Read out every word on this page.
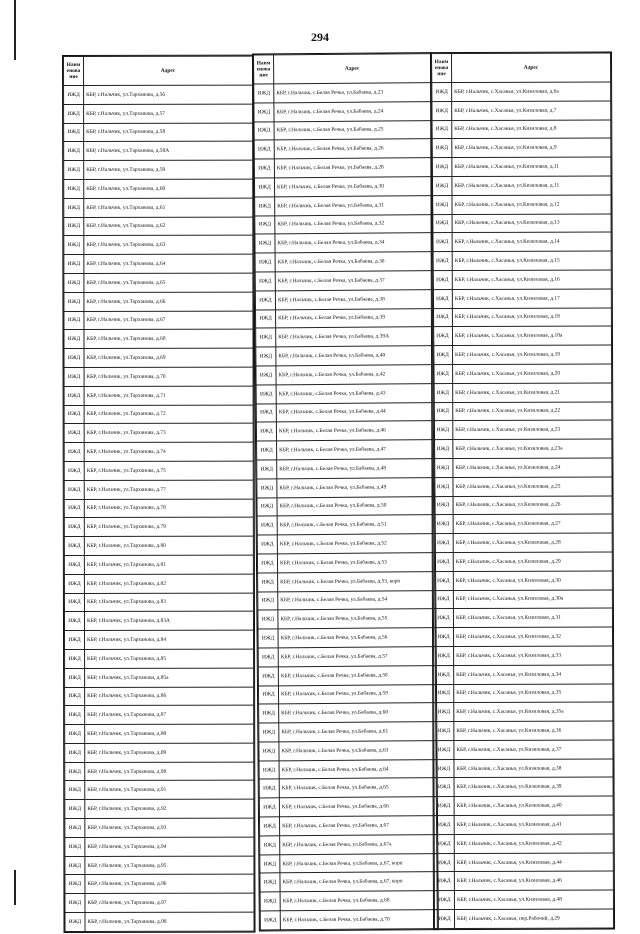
294
Наим енова ние	Адрес
ИЖД	КБР, г.Нальчик, ул.Тарханова, д.56
ИЖД	КБР, г.Нальчик, ул.Тарханова, д.57
ИЖД	КБР, г.Нальчик, ул.Тарханова, д.58
ИЖД	КБР, г.Нальчик, ул.Тарханова, д.58А
ИЖД	КБР, г.Нальчик, ул.Тарханова, д.59
ИЖД	КБР, г.Нальчик, ул.Тарханова, д.60
ИЖД	КБР, г.Нальчик, ул.Тарханова, д.61
ИЖД	КБР, г.Нальчик, ул.Тарханова, д.62
ИЖД	КБР, г.Нальчик, ул.Тарханова, д.63
ИЖД	КБР, г.Нальчик, ул.Тарханова, д.64
ИЖД	КБР, г.Нальчик, ул.Тарханова, д.65
ИЖД	КБР, г.Нальчик, ул.Тарханова, д.66
ИЖД	КБР, г.Нальчик, ул.Тарханова, д.67
ИЖД	КБР, г.Нальчик, ул.Тарханова, д.68
ИЖД	КБР, г.Нальчик, ул.Тарханова, д.69
ИЖД	КБР, г.Нальчик, ул.Тарханова, д.70
ИЖД	КБР, г.Нальчик, ул.Тарханова, д.71
ИЖД	КБР, г.Нальчик, ул.Тарханова, д.72
ИЖД	КБР, г.Нальчик, ул.Тарханова, д.73
ИЖД	КБР, г.Нальчик, ул.Тарханова, д.74
ИЖД	КБР, г.Нальчик, ул.Тарханова, д.75
ИЖД	КБР, г.Нальчик, ул.Тарханова, д.77
ИЖД	КБР, г.Нальчик, ул.Тарханова, д.78
ИЖД	КБР, г.Нальчик, ул.Тарханова, д.79
ИЖД	КБР, г.Нальчик, ул.Тарханова, д.80
ИЖД	КБР, г.Нальчик, ул.Тарханова, д.81
ИЖД	КБР, г.Нальчик, ул.Тарханова, д.82
ИЖД	КБР, г.Нальчик, ул.Тарханова, д.83
ИЖД	КБР, г.Нальчик, ул.Тарханова, д.83А
ИЖД	КБР, г.Нальчик, ул.Тарханова, д.84
ИЖД	КБР, г.Нальчик, ул.Тарханова, д.85
ИЖД	КБР, г.Нальчик, ул.Тарханова, д.85а
ИЖД	КБР, г.Нальчик, ул.Тарханова, д.86
ИЖД	КБР, г.Нальчик, ул.Тарханова, д.87
ИЖД	КБР, г.Нальчик, ул.Тарханова, д.88
ИЖД	КБР, г.Нальчик, ул.Тарханова, д.89
ИЖД	КБР, г.Нальчик, ул.Тарханова, д.90
ИЖД	КБР, г.Нальчик, ул.Тарханова, д.91
ИЖД	КБР, г.Нальчик, ул.Тарханова, д.92
ИЖД	КБР, г.Нальчик, ул.Тарханова, д.93
ИЖД	КБР, г.Нальчик, ул.Тарханова, д.94
ИЖД	КБР, г.Нальчик, ул.Тарханова, д.95
ИЖД	КБР, г.Нальчик, ул.Тарханова, д.96
ИЖД	КБР, г.Нальчик, ул.Тарханова, д.97
ИЖД	КБР, г.Нальчик, ул.Тарханова, д.98
Наим енова ние	Адрес
ИЖД	КБР, г.Нальчик, с.Белая Речка, ул.Бабаева, д.23
ИЖД	КБР, г.Нальчик, с.Белая Речка, ул.Бабаева, д.24
ИЖД	КБР, г.Нальчик, с.Белая Речка, ул.Бабаева, д.25
ИЖД	КБР, г.Нальчик, с.Белая Речка, ул.Бабаева, д.26
ИЖД	КБР, г.Нальчик, с.Белая Речка, ул.Бабаева, д.28
ИЖД	КБР, г.Нальчик, с.Белая Речка, ул.Бабаева, д.30
ИЖД	КБР, г.Нальчик, с.Белая Речка, ул.Бабаева, д.31
ИЖД	КБР, г.Нальчик, с.Белая Речка, ул.Бабаева, д.32
ИЖД	КБР, г.Нальчик, с.Белая Речка, ул.Бабаева, д.34
ИЖД	КБР, г.Нальчик, с.Белая Речка, ул.Бабаева, д.36
ИЖД	КБР, г.Нальчик, с.Белая Речка, ул.Бабаева, д.37
ИЖД	КБР, г.Нальчик, с.Белая Речка, ул.Бабаева, д.38
ИЖД	КБР, г.Нальчик, с.Белая Речка, ул.Бабаева, д.39
ИЖД	КБР, г.Нальчик, с.Белая Речка, ул.Бабаева, д.39А
ИЖД	КБР, г.Нальчик, с.Белая Речка, ул.Бабаева, д.40
ИЖД	КБР, г.Нальчик, с.Белая Речка, ул.Бабаева, д.42
ИЖД	КБР, г.Нальчик, с.Белая Речка, ул.Бабаева, д.43
ИЖД	КБР, г.Нальчик, с.Белая Речка, ул.Бабаева, д.44
ИЖД	КБР, г.Нальчик, с.Белая Речка, ул.Бабаева, д.46
ИЖД	КБР, г.Нальчик, с.Белая Речка, ул.Бабаева, д.47
ИЖД	КБР, г.Нальчик, с.Белая Речка, ул.Бабаева, д.48
ИЖД	КБР, г.Нальчик, с.Белая Речка, ул.Бабаева, д.49
ИЖД	КБР, г.Нальчик, с.Белая Речка, ул.Бабаева, д.50
ИЖД	КБР, г.Нальчик, с.Белая Речка, ул.Бабаева, д.51
ИЖД	КБР, г.Нальчик, с.Белая Речка, ул.Бабаева, д.52
ИЖД	КБР, г.Нальчик, с.Белая Речка, ул.Бабаева, д.53
ИЖД	КБР, г.Нальчик, с.Белая Речка, ул.Бабаева, д.53, корп
ИЖД	КБР, г.Нальчик, с.Белая Речка, ул.Бабаева, д.54
ИЖД	КБР, г.Нальчик, с.Белая Речка, ул.Бабаева, д.55
ИЖД	КБР, г.Нальчик, с.Белая Речка, ул.Бабаева, д.56
ИЖД	КБР, г.Нальчик, с.Белая Речка, ул.Бабаева, д.57
ИЖД	КБР, г.Нальчик, с.Белая Речка, ул.Бабаева, д.58
ИЖД	КБР, г.Нальчик, с.Белая Речка, ул.Бабаева, д.59
ИЖД	КБР, г.Нальчик, с.Белая Речка, ул.Бабаева, д.60
ИЖД	КБР, г.Нальчик, с.Белая Речка, ул.Бабаева, д.61
ИЖД	КБР, г.Нальчик, с.Белая Речка, ул.Бабаева, д.63
ИЖД	КБР, г.Нальчик, с.Белая Речка, ул.Бабаева, д.64
ИЖД	КБР, г.Нальчик, с.Белая Речка, ул.Бабаева, д.65
ИЖД	КБР, г.Нальчик, с.Белая Речка, ул.Бабаева, д.66
ИЖД	КБР, г.Нальчик, с.Белая Речка, ул.Бабаева, д.67
ИЖД	КБР, г.Нальчик, с.Белая Речка, ул.Бабаева, д.67а
ИЖД	КБР, г.Нальчик, с.Белая Речка, ул.Бабаева, д.67, корп
ИЖД	КБР, г.Нальчик, с.Белая Речка, ул.Бабаева, д.67, корп
ИЖД	КБР, г.Нальчик, с.Белая Речка, ул.Бабаева, д.68
ИЖД	КБР, г.Нальчик, с.Белая Речка, ул.Бабаева, д.70
Наим енова ние	Адрес
ИЖД	КБР, г.Нальчик, с.Хасанья, ул.Кизиловая, д.6а
ИЖД	КБР, г.Нальчик, с.Хасанья, ул.Кизиловая, д.7
ИЖД	КБР, г.Нальчик, с.Хасанья, ул.Кизиловая, д.8
ИЖД	КБР, г.Нальчик, с.Хасанья, ул.Кизиловая, д.9
ИЖД	КБР, г.Нальчик, с.Хасанья, ул.Кизиловая, д.11
ИЖД	КБР, г.Нальчик, с.Хасанья, ул.Кизиловая, д.11
ИЖД	КБР, г.Нальчик, с.Хасанья, ул.Кизиловая, д.12
ИЖД	КБР, г.Нальчик, с.Хасанья, ул.Кизиловая, д.13
ИЖД	КБР, г.Нальчик, с.Хасанья, ул.Кизиловая, д.14
ИЖД	КБР, г.Нальчик, с.Хасанья, ул.Кизиловая, д.15
ИЖД	КБР, г.Нальчик, с.Хасанья, ул.Кизиловая, д.16
ИЖД	КБР, г.Нальчик, с.Хасанья, ул.Кизиловая, д.17
ИЖД	КБР, г.Нальчик, с.Хасанья, ул.Кизиловая, д.18
ИЖД	КБР, г.Нальчик, с.Хасанья, ул.Кизиловая, д.18а
ИЖД	КБР, г.Нальчик, с.Хасанья, ул.Кизиловая, д.19
ИЖД	КБР, г.Нальчик, с.Хасанья, ул.Кизиловая, д.20
ИЖД	КБР, г.Нальчик, с.Хасанья, ул.Кизиловая, д.21
ИЖД	КБР, г.Нальчик, с.Хасанья, ул.Кизиловая, д.22
ИЖД	КБР, г.Нальчик, с.Хасанья, ул.Кизиловая, д.23
ИЖД	КБР, г.Нальчик, с.Хасанья, ул.Кизиловая, д.23а
ИЖД	КБР, г.Нальчик, с.Хасанья, ул.Кизиловая, д.24
ИЖД	КБР, г.Нальчик, с.Хасанья, ул.Кизиловая, д.25
ИЖД	КБР, г.Нальчик, с.Хасанья, ул.Кизиловая, д.26
ИЖД	КБР, г.Нальчик, с.Хасанья, ул.Кизиловая, д.27
ИЖД	КБР, г.Нальчик, с.Хасанья, ул.Кизиловая, д.28
ИЖД	КБР, г.Нальчик, с.Хасанья, ул.Кизиловая, д.29
ИЖД	КБР, г.Нальчик, с.Хасанья, ул.Кизиловая, д.30
ИЖД	КБР, г.Нальчик, с.Хасанья, ул.Кизиловая, д.30а
ИЖД	КБР, г.Нальчик, с.Хасанья, ул.Кизиловая, д.31
ИЖД	КБР, г.Нальчик, с.Хасанья, ул.Кизиловая, д.32
ИЖД	КБР, г.Нальчик, с.Хасанья, ул.Кизиловая, д.33
ИЖД	КБР, г.Нальчик, с.Хасанья, ул.Кизиловая, д.34
ИЖД	КБР, г.Нальчик, с.Хасанья, ул.Кизиловая, д.35
ИЖД	КБР, г.Нальчик, с.Хасанья, ул.Кизиловая, д.35а
ИЖД	КБР, г.Нальчик, с.Хасанья, ул.Кизиловая, д.36
ИЖД	КБР, г.Нальчик, с.Хасанья, ул.Кизиловая, д.37
ИЖД	КБР, г.Нальчик, с.Хасанья, ул.Кизиловая, д.38
ИЖД	КБР, г.Нальчик, с.Хасанья, ул.Кизиловая, д.39
ИЖД	КБР, г.Нальчик, с.Хасанья, ул.Кизиловая, д.40
ИЖД	КБР, г.Нальчик, с.Хасанья, ул.Кизиловая, д.41
ИЖД	КБР, г.Нальчик, с.Хасанья, ул.Кизиловая, д.42
ИЖД	КБР, г.Нальчик, с.Хасанья, ул.Кизиловая, д.44
ИЖД	КБР, г.Нальчик, с.Хасанья, ул.Кизиловая, д.46
ИЖД	КБР, г.Нальчик, с.Хасанья, ул.Кизиловая, д.48
ИЖД	КБР, г.Нальчик, с.Хасанья, пер.Рабочий, д.29
